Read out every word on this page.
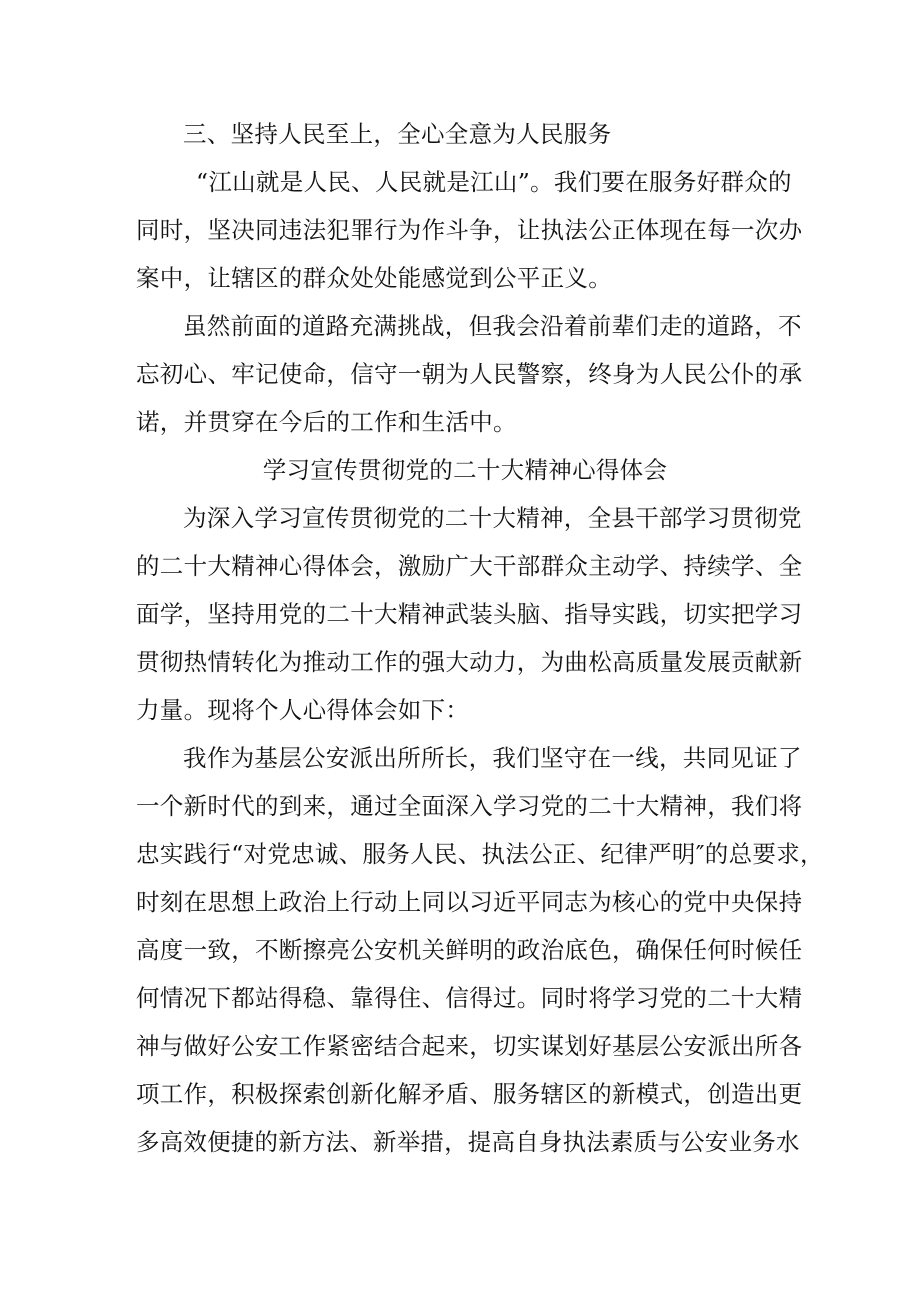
三、坚持人民至上，全心全意为人民服务
“江山就是人民、人民就是江山”。我们要在服务好群众的
同时，坚决同违法犯罪行为作斗争，让执法公正体现在每一次办
案中，让辖区的群众处处能感觉到公平正义。
虽然前面的道路充满挑战，但我会沿着前辈们走的道路，不
忘初心、牢记使命，信守一朝为人民警察，终身为人民公仆的承
诺，并贯穿在今后的工作和生活中。
学习宣传贯彻党的二十大精神心得体会
为深入学习宣传贯彻党的二十大精神，全县干部学习贯彻党
的二十大精神心得体会，激励广大干部群众主动学、持续学、全
面学，坚持用党的二十大精神武装头脑、指导实践，切实把学习
贯彻热情转化为推动工作的强大动力，为曲松高质量发展贡献新
力量。现将个人心得体会如下：
我作为基层公安派出所所长，我们坚守在一线，共同见证了
一个新时代的到来，通过全面深入学习党的二十大精神，我们将
忠实践行“对党忠诚、服务人民、执法公正、纪律严明″的总要求，
时刻在思想上政治上行动上同以习近平同志为核心的党中央保持
高度一致，不断擦亮公安机关鲜明的政治底色，确保任何时候任
何情况下都站得稳、靠得住、信得过。同时将学习党的二十大精
神与做好公安工作紧密结合起来，切实谋划好基层公安派出所各
项工作，积极探索创新化解矛盾、服务辖区的新模式，创造出更
多高效便捷的新方法、新举措，提高自身执法素质与公安业务水
